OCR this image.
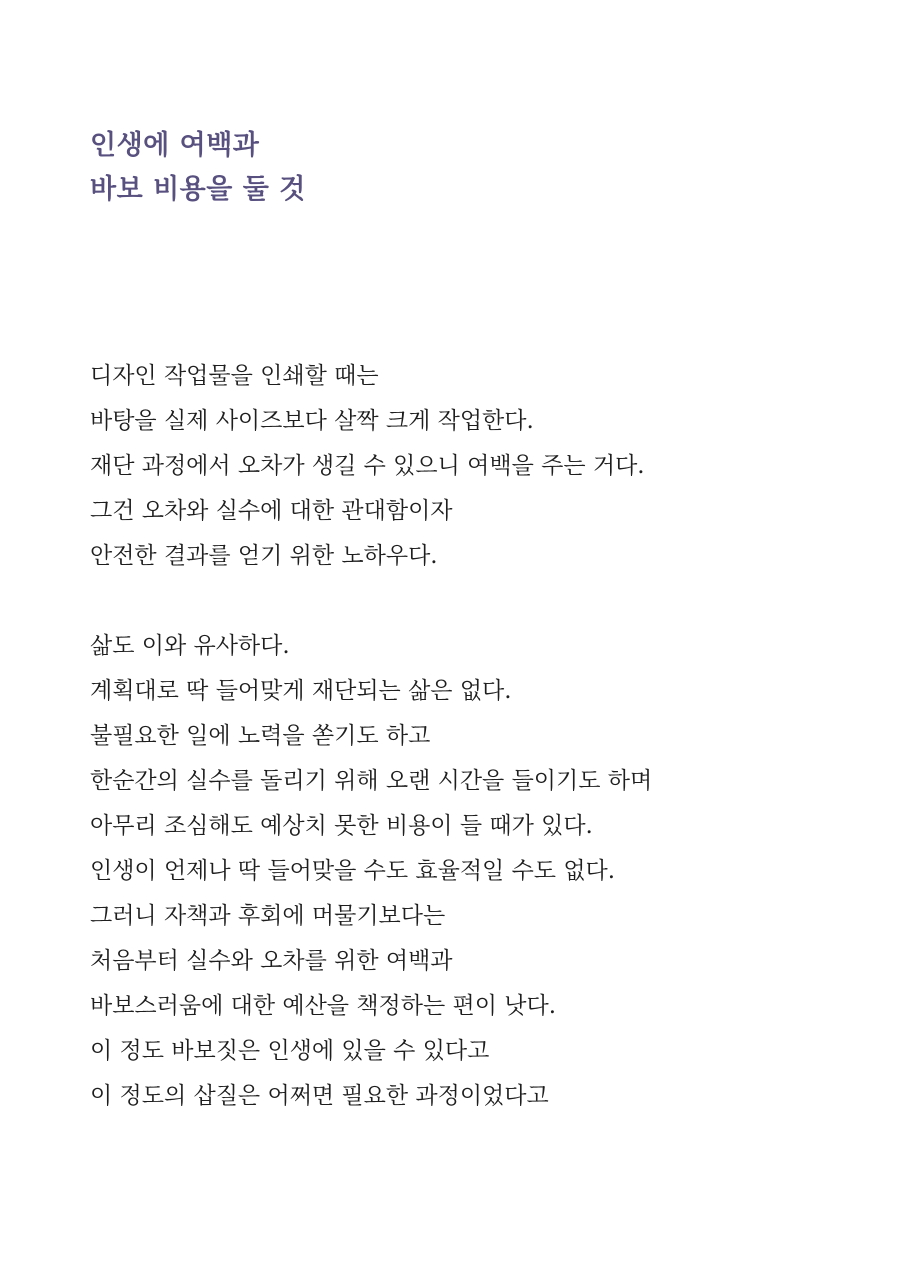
인생에 여백과
바보 비용을 둘 것
디자인 작업물을 인쇄할 때는
바탕을 실제 사이즈보다 살짝 크게 작업한다.
재단 과정에서 오차가 생길 수 있으니 여백을 주는 거다.
그건 오차와 실수에 대한 관대함이자
안전한 결과를 얻기 위한 노하우다.
삶도 이와 유사하다.
계획대로 딱 들어맞게 재단되는 삶은 없다.
불필요한 일에 노력을 쏟기도 하고
한순간의 실수를 돌리기 위해 오랜 시간을 들이기도 하며
아무리 조심해도 예상치 못한 비용이 들 때가 있다.
인생이 언제나 딱 들어맞을 수도 효율적일 수도 없다.
그러니 자책과 후회에 머물기보다는
처음부터 실수와 오차를 위한 여백과
바보스러움에 대한 예산을 책정하는 편이 낫다.
이 정도 바보짓은 인생에 있을 수 있다고
이 정도의 삽질은 어쩌면 필요한 과정이었다고
